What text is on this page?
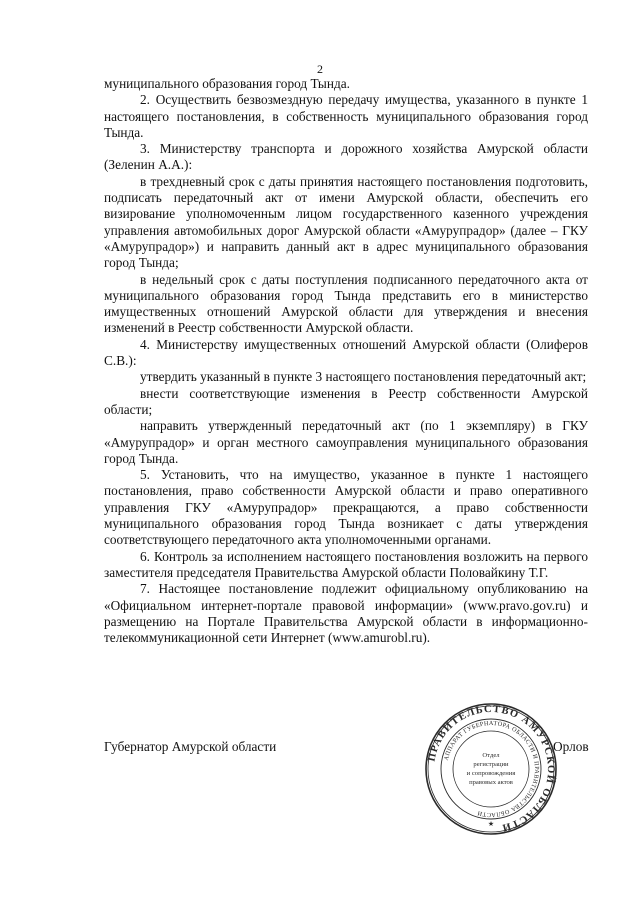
2

муниципального образования город Тында.

2. Осуществить безвозмездную передачу имущества, указанного в пункте 1 настоящего постановления, в собственность муниципального образования город Тында.

3. Министерству транспорта и дорожного хозяйства Амурской области (Зеленин А.А.):

в трехдневный срок с даты принятия настоящего постановления подготовить, подписать передаточный акт от имени Амурской области, обеспечить его визирование уполномоченным лицом государственного казенного учреждения управления автомобильных дорог Амурской области «Амурупрадор» (далее – ГКУ «Амурупрадор») и направить данный акт в адрес муниципального образования город Тында;

в недельный срок с даты поступления подписанного передаточного акта от муниципального образования город Тында представить его в министерство имущественных отношений Амурской области для утверждения и внесения изменений в Реестр собственности Амурской области.

4. Министерству имущественных отношений Амурской области (Олиферов С.В.):

утвердить указанный в пункте 3 настоящего постановления передаточный акт;

внести соответствующие изменения в Реестр собственности Амурской области;

направить утвержденный передаточный акт (по 1 экземпляру) в ГКУ «Амурупрадор» и орган местного самоуправления муниципального образования город Тында.

5. Установить, что на имущество, указанное в пункте 1 настоящего постановления, право собственности Амурской области и право оперативного управления ГКУ «Амурупрадор» прекращаются, а право собственности муниципального образования город Тында возникает с даты утверждения соответствующего передаточного акта уполномоченными органами.

6. Контроль за исполнением настоящего постановления возложить на первого заместителя председателя Правительства Амурской области Половайкину Т.Г.

7. Настоящее постановление подлежит официальному опубликованию на «Официальном интернет-портале правовой информации» (www.pravo.gov.ru) и размещению на Портале Правительства Амурской области в информационно-телекоммуникационной сети Интернет (www.amurobl.ru).

Губернатор Амурской области
ПРАВИТЕЛЬСТВО АМУРСКОЙ ОБЛАСТИ
АППАРАТ ГУБЕРНАТОРА ОБЛАСТИ И ПРАВИТЕЛЬСТВА ОБЛАСТИ
Отдел
регистрации
и сопровождения
правовых актов
★
Орлов
